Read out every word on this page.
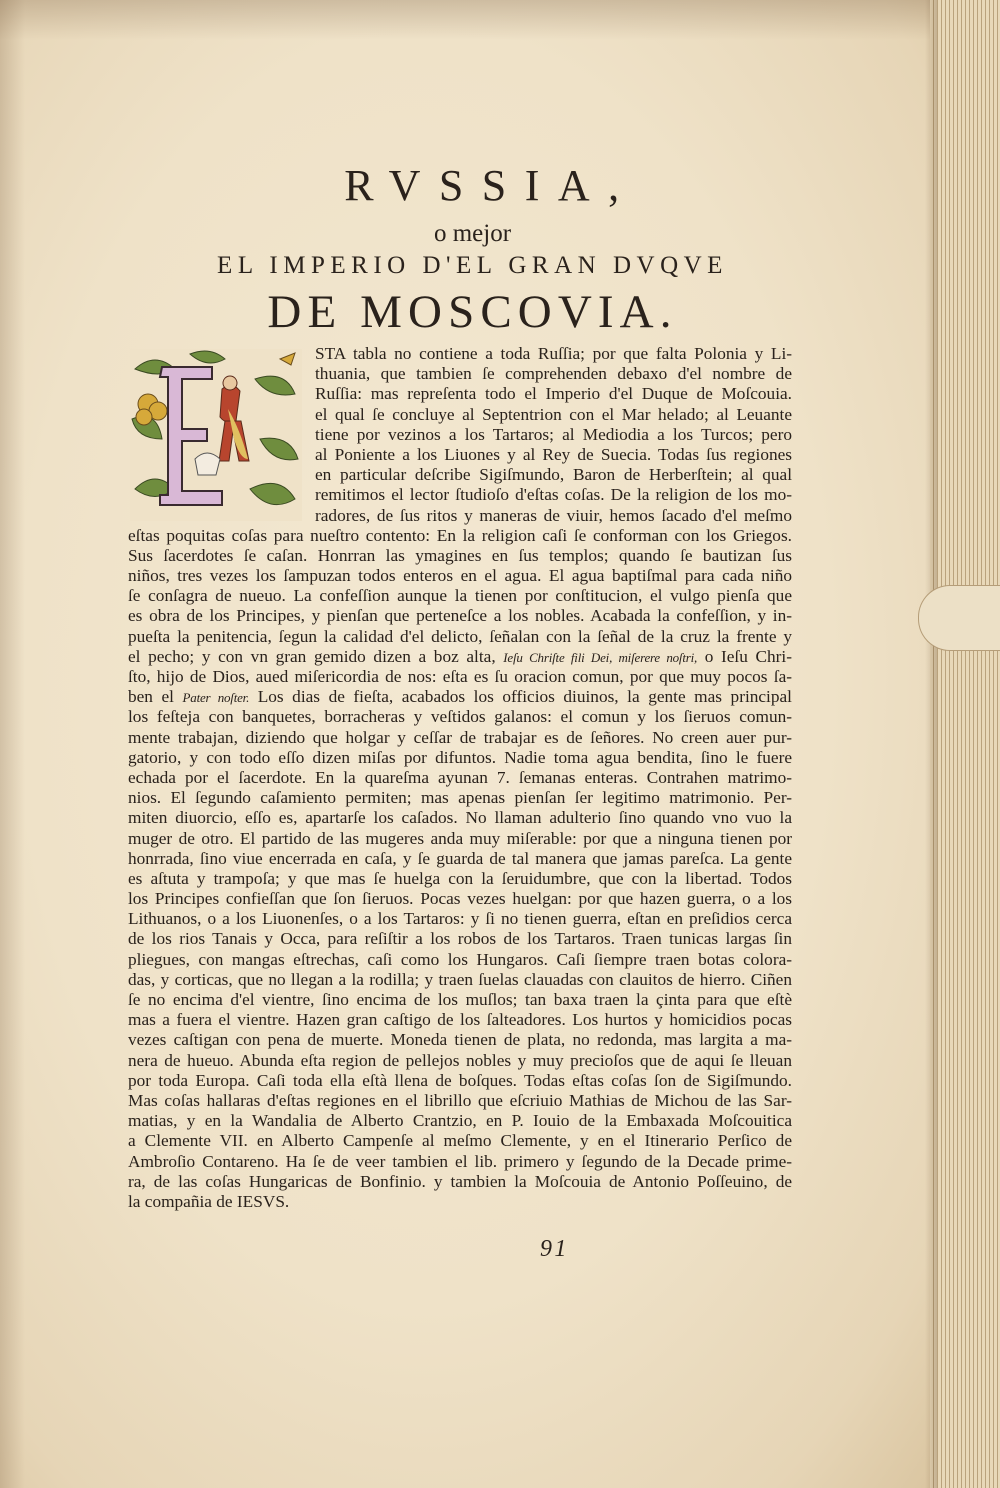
RVSSIA,
o mejor
EL IMPERIO D'EL GRAN DVQVE
DE MOSCOVIA.
STA tabla no contiene a toda Ruſſia; por que falta Polonia y Li-
thuania, que tambien ſe comprehenden debaxo d'el nombre de
Ruſſia: mas repreſenta todo el Imperio d'el Duque de Moſcouia.
el qual ſe concluye al Septentrion con el Mar helado; al Leuante
tiene por vezinos a los Tartaros; al Mediodia a los Turcos; pero
al Poniente a los Liuones y al Rey de Suecia. Todas ſus regiones
en particular deſcribe Sigiſmundo, Baron de Herberſtein; al qual
remitimos el lector ſtudioſo d'eſtas coſas. De la religion de los mo-
radores, de ſus ritos y maneras de viuir, hemos ſacado d'el meſmo
eſtas poquitas coſas para nueſtro contento: En la religion caſi ſe conforman con los Griegos.
Sus ſacerdotes ſe caſan. Honrran las ymagines en ſus templos; quando ſe bautizan ſus
niños, tres vezes los ſampuzan todos enteros en el agua. El agua baptiſmal para cada niño
ſe conſagra de nueuo. La confeſſion aunque la tienen por conſtitucion, el vulgo pienſa que
es obra de los Principes, y pienſan que perteneſce a los nobles. Acabada la confeſſion, y in-
pueſta la penitencia, ſegun la calidad d'el delicto, ſeñalan con la ſeñal de la cruz la frente y
el pecho; y con vn gran gemido dizen a boz alta, Ieſu Chriſte fili Dei, miſerere noſtri, o Ieſu Chri-
ſto, hijo de Dios, aued miſericordia de nos: eſta es ſu oracion comun, por que muy pocos ſa-
ben el Pater noſter. Los dias de fieſta, acabados los officios diuinos, la gente mas principal
los feſteja con banquetes, borracheras y veſtidos galanos: el comun y los ſieruos comun-
mente trabajan, diziendo que holgar y ceſſar de trabajar es de ſeñores. No creen auer pur-
gatorio, y con todo eſſo dizen miſas por difuntos. Nadie toma agua bendita, ſino le fuere
echada por el ſacerdote. En la quareſma ayunan 7. ſemanas enteras. Contrahen matrimo-
nios. El ſegundo caſamiento permiten; mas apenas pienſan ſer legitimo matrimonio. Per-
miten diuorcio, eſſo es, apartarſe los caſados. No llaman adulterio ſino quando vno vuo la
muger de otro. El partido de las mugeres anda muy miſerable: por que a ninguna tienen por
honrrada, ſino viue encerrada en caſa, y ſe guarda de tal manera que jamas pareſca. La gente
es aſtuta y trampoſa; y que mas ſe huelga con la ſeruidumbre, que con la libertad. Todos
los Principes confieſſan que ſon ſieruos. Pocas vezes huelgan: por que hazen guerra, o a los
Lithuanos, o a los Liuonenſes, o a los Tartaros: y ſi no tienen guerra, eſtan en preſidios cerca
de los rios Tanais y Occa, para reſiſtir a los robos de los Tartaros. Traen tunicas largas ſin
pliegues, con mangas eſtrechas, caſi como los Hungaros. Caſi ſiempre traen botas colora-
das, y corticas, que no llegan a la rodilla; y traen ſuelas clauadas con clauitos de hierro. Ciñen
ſe no encima d'el vientre, ſino encima de los muſlos; tan baxa traen la çinta para que eſtè
mas a fuera el vientre. Hazen gran caſtigo de los ſalteadores. Los hurtos y homicidios pocas
vezes caſtigan con pena de muerte. Moneda tienen de plata, no redonda, mas largita a ma-
nera de hueuo. Abunda eſta region de pellejos nobles y muy precioſos que de aqui ſe lleuan
por toda Europa. Caſi toda ella eſtà llena de boſques. Todas eſtas coſas ſon de Sigiſmundo.
Mas coſas hallaras d'eſtas regiones en el librillo que eſcriuio Mathias de Michou de las Sar-
matias, y en la Wandalia de Alberto Crantzio, en P. Iouio de la Embaxada Moſcouitica
a Clemente VII. en Alberto Campenſe al meſmo Clemente, y en el Itinerario Perſico de
Ambroſio Contareno. Ha ſe de veer tambien el lib. primero y ſegundo de la Decade prime-
ra, de las coſas Hungaricas de Bonfinio. y tambien la Moſcouia de Antonio Poſſeuino, de
la compañia de IESVS.
91
